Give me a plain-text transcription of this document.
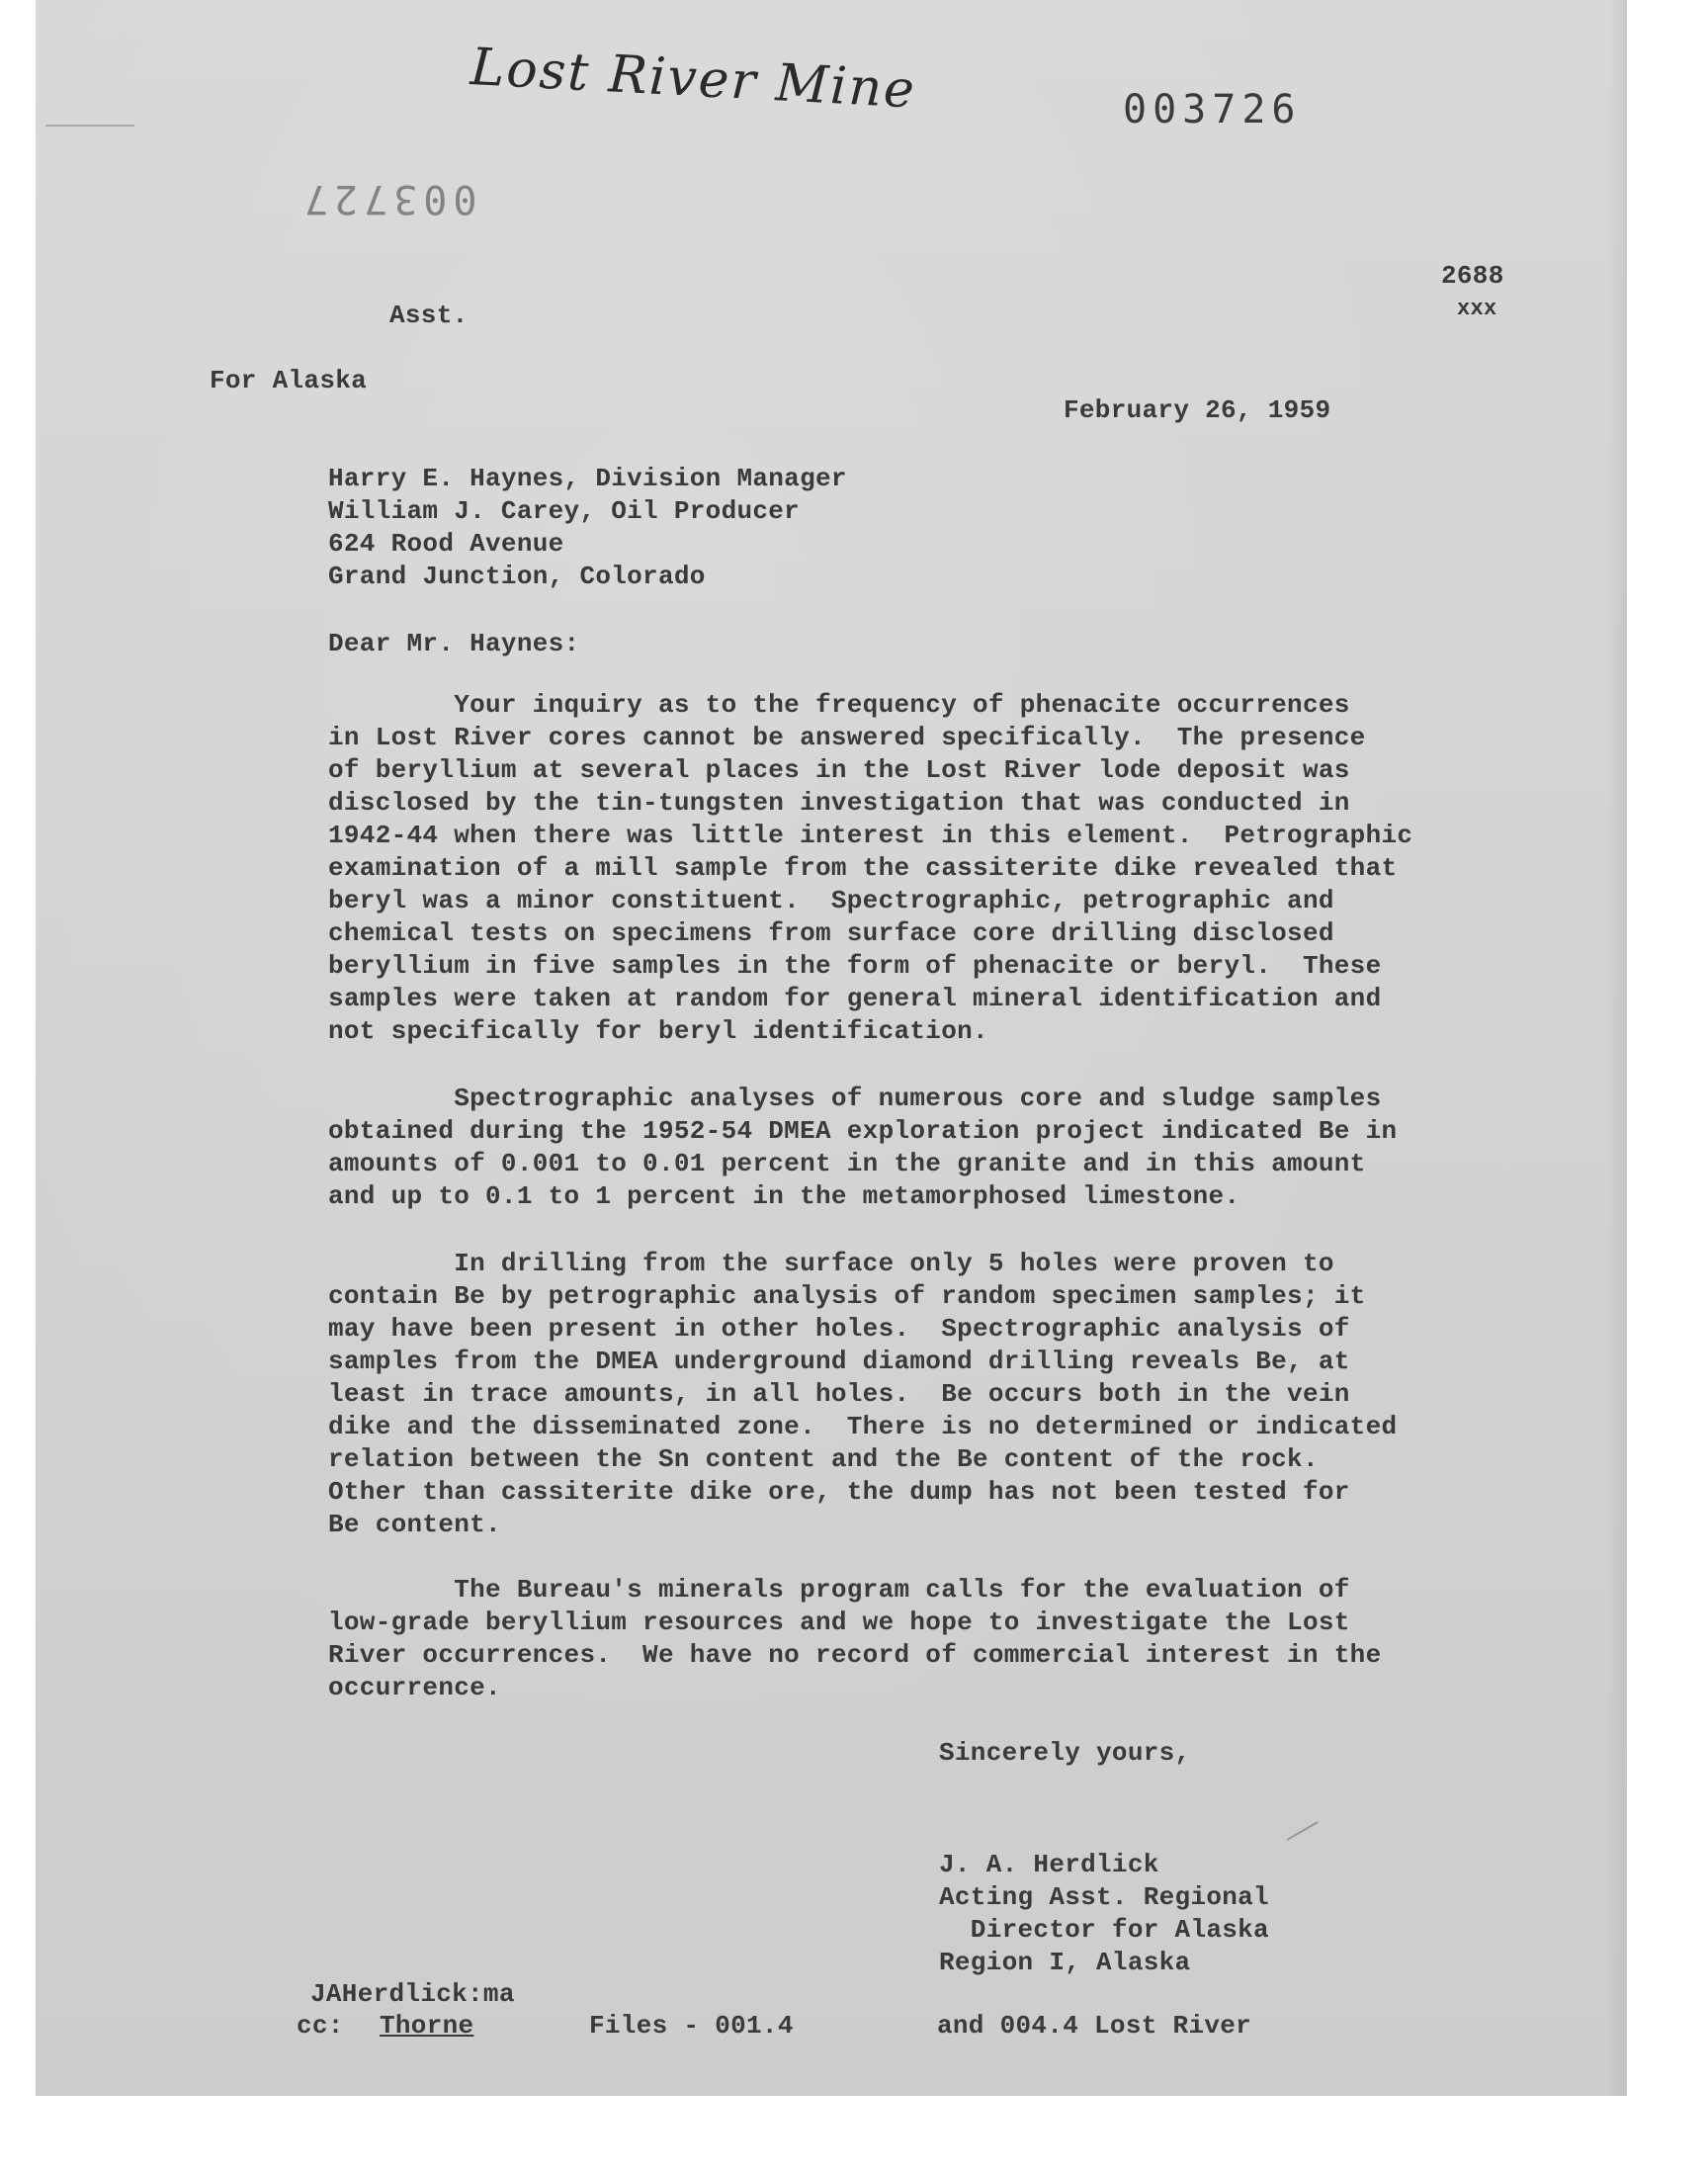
Lost River Mine	003726
003727
2688
xxx
Asst.
For Alaska
February 26, 1959
Harry E. Haynes, Division Manager
William J. Carey, Oil Producer
624 Rood Avenue
Grand Junction, Colorado
Dear Mr. Haynes:
Your inquiry as to the frequency of phenacite occurrences
in Lost River cores cannot be answered specifically.  The presence
of beryllium at several places in the Lost River lode deposit was
disclosed by the tin-tungsten investigation that was conducted in
1942-44 when there was little interest in this element.  Petrographic
examination of a mill sample from the cassiterite dike revealed that
beryl was a minor constituent.  Spectrographic, petrographic and
chemical tests on specimens from surface core drilling disclosed
beryllium in five samples in the form of phenacite or beryl.  These
samples were taken at random for general mineral identification and
not specifically for beryl identification.
Spectrographic analyses of numerous core and sludge samples
obtained during the 1952-54 DMEA exploration project indicated Be in
amounts of 0.001 to 0.01 percent in the granite and in this amount
and up to 0.1 to 1 percent in the metamorphosed limestone.
In drilling from the surface only 5 holes were proven to
contain Be by petrographic analysis of random specimen samples; it
may have been present in other holes.  Spectrographic analysis of
samples from the DMEA underground diamond drilling reveals Be, at
least in trace amounts, in all holes.  Be occurs both in the vein
dike and the disseminated zone.  There is no determined or indicated
relation between the Sn content and the Be content of the rock.
Other than cassiterite dike ore, the dump has not been tested for
Be content.
The Bureau's minerals program calls for the evaluation of
low-grade beryllium resources and we hope to investigate the Lost
River occurrences.  We have no record of commercial interest in the
occurrence.
Sincerely yours,
J. A. Herdlick
Acting Asst. Regional
Director for Alaska
Region I, Alaska
JAHerdlick:ma
cc: Thorne	Files - 001.4	and 004.4 Lost River
